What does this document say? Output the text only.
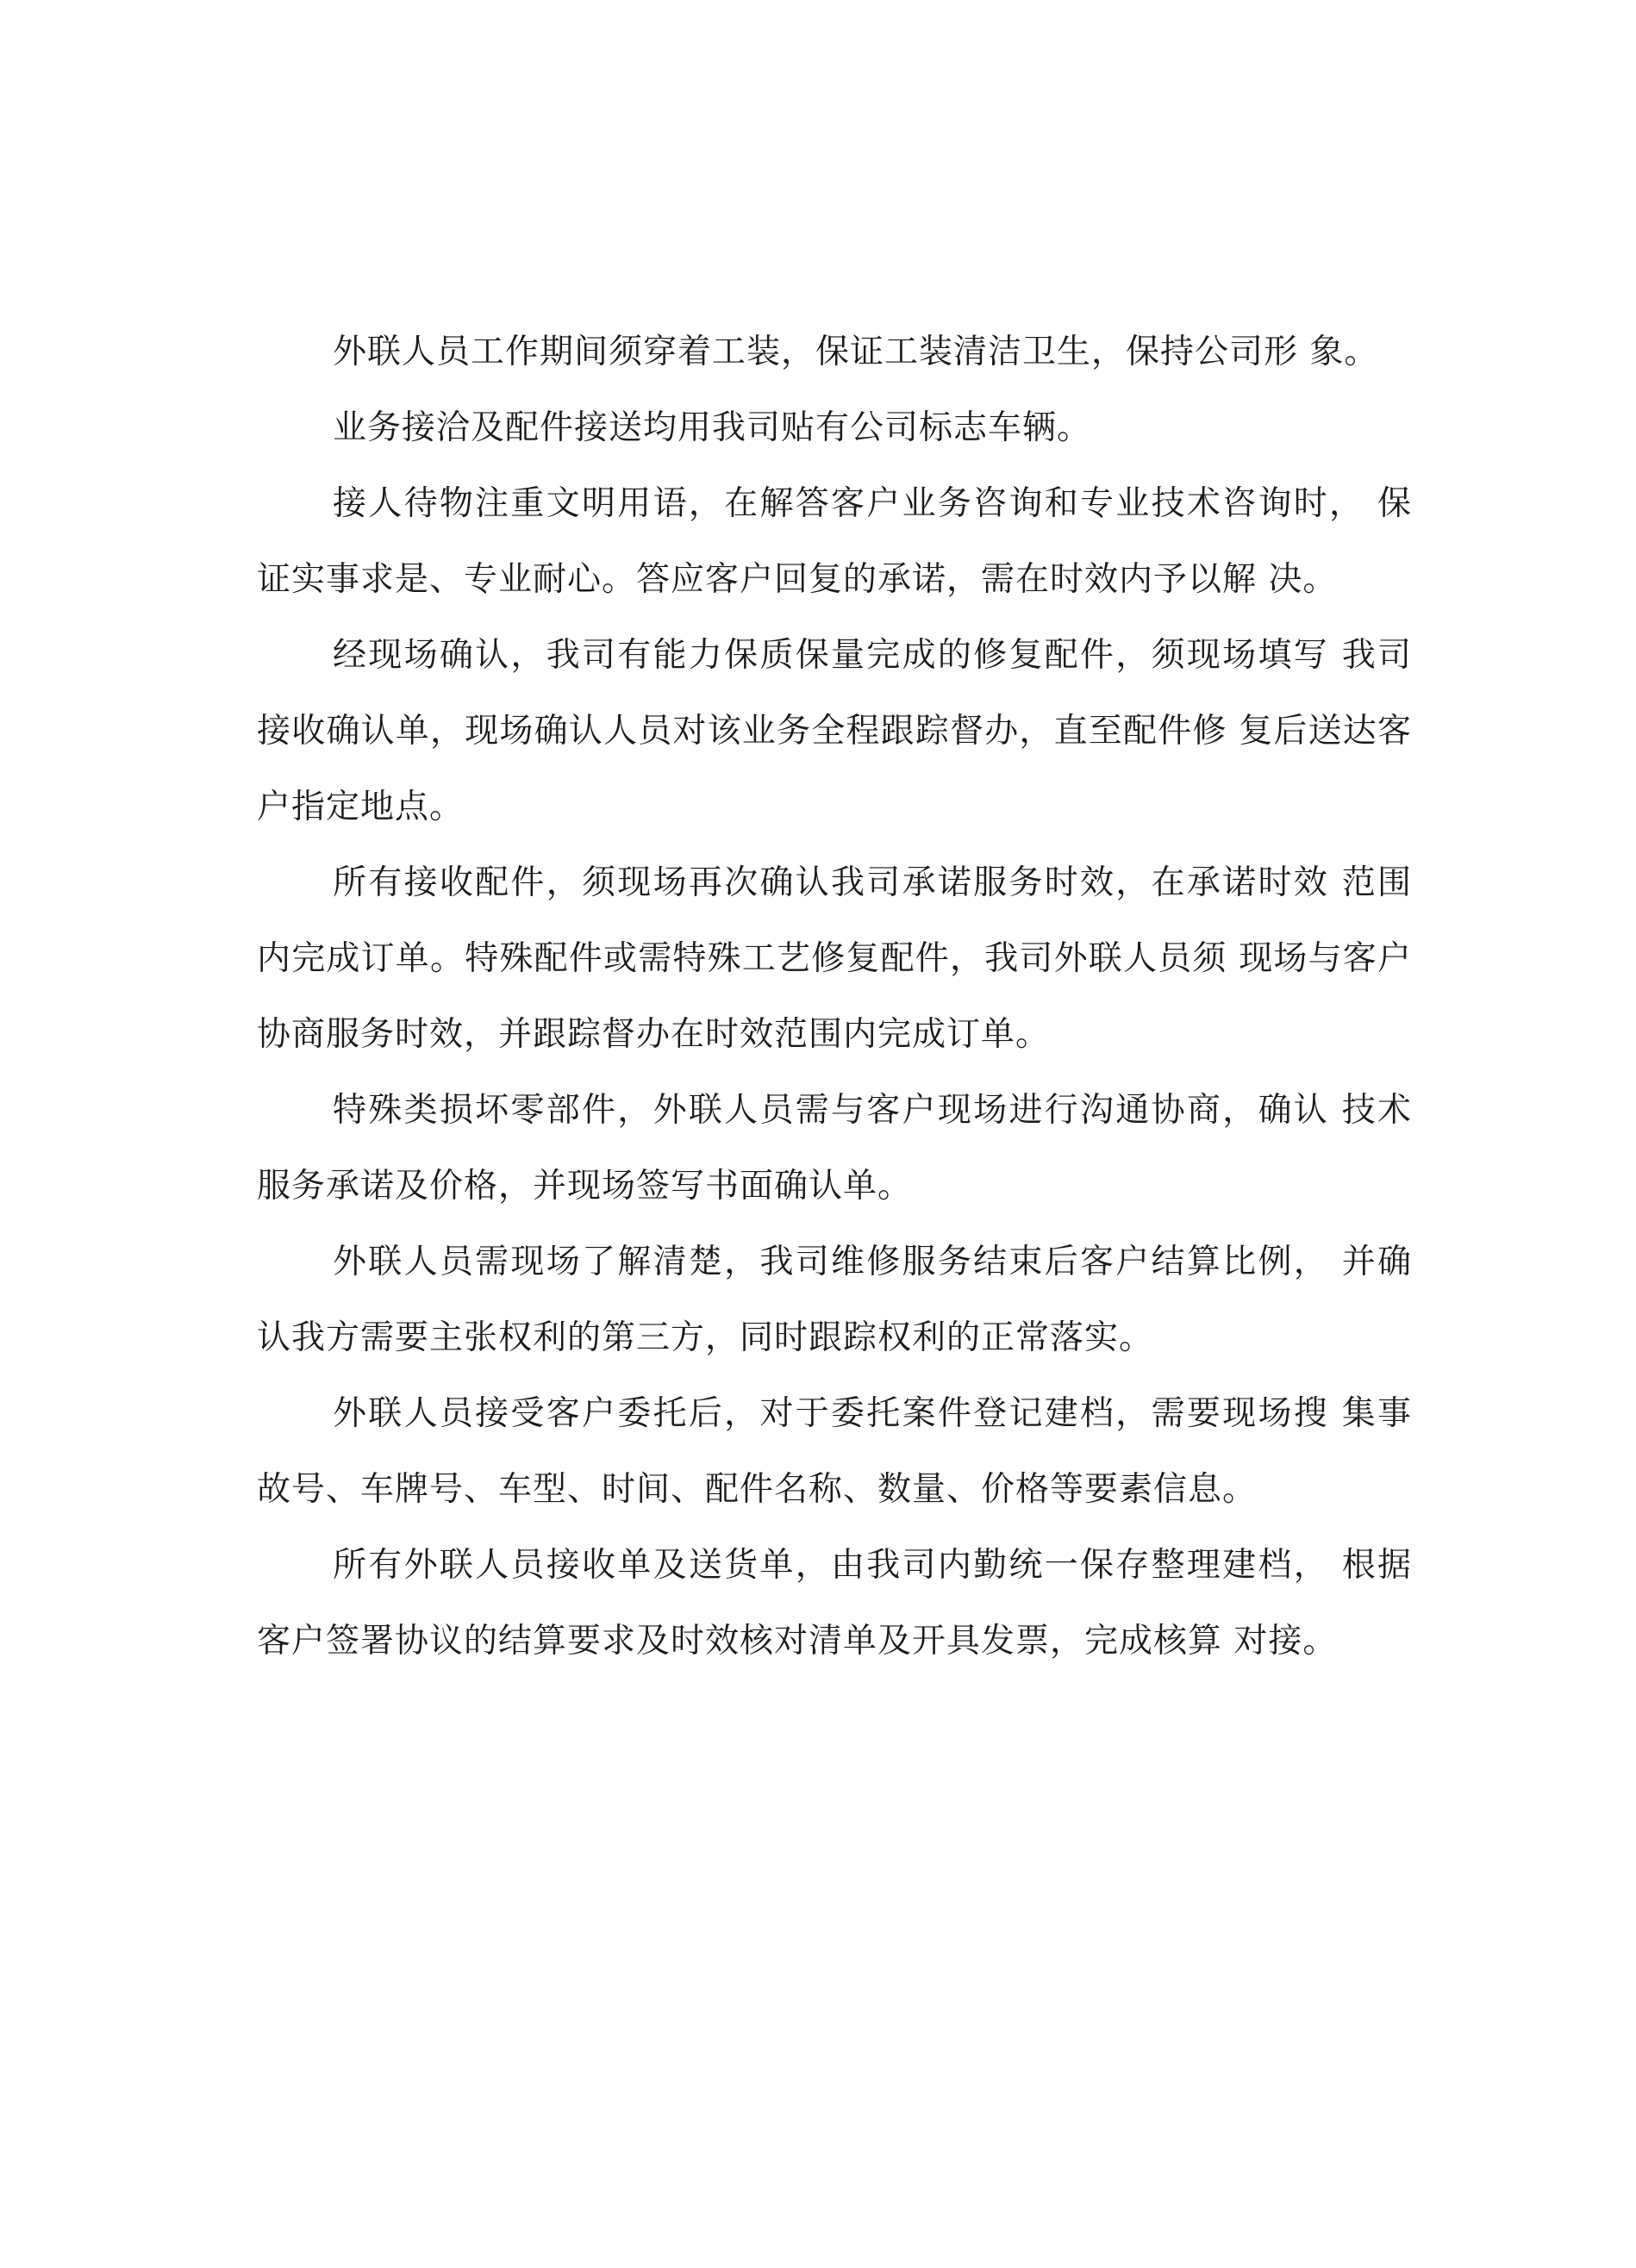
外联人员工作期间须穿着工装，保证工装清洁卫生，保持公司形 象。

业务接洽及配件接送均用我司贴有公司标志车辆。

接人待物注重文明用语，在解答客户业务咨询和专业技术咨询时， 保证实事求是、专业耐心。答应客户回复的承诺，需在时效内予以解 决。

经现场确认，我司有能力保质保量完成的修复配件，须现场填写 我司接收确认单，现场确认人员对该业务全程跟踪督办，直至配件修 复后送达客户指定地点。

所有接收配件，须现场再次确认我司承诺服务时效，在承诺时效 范围内完成订单。特殊配件或需特殊工艺修复配件，我司外联人员须 现场与客户协商服务时效，并跟踪督办在时效范围内完成订单。

特殊类损坏零部件，外联人员需与客户现场进行沟通协商，确认 技术服务承诺及价格，并现场签写书面确认单。

外联人员需现场了解清楚，我司维修服务结束后客户结算比例， 并确认我方需要主张权利的第三方，同时跟踪权利的正常落实。

外联人员接受客户委托后，对于委托案件登记建档，需要现场搜 集事故号、车牌号、车型、时间、配件名称、数量、价格等要素信息。

所有外联人员接收单及送货单，由我司内勤统一保存整理建档， 根据客户签署协议的结算要求及时效核对清单及开具发票，完成核算 对接。
